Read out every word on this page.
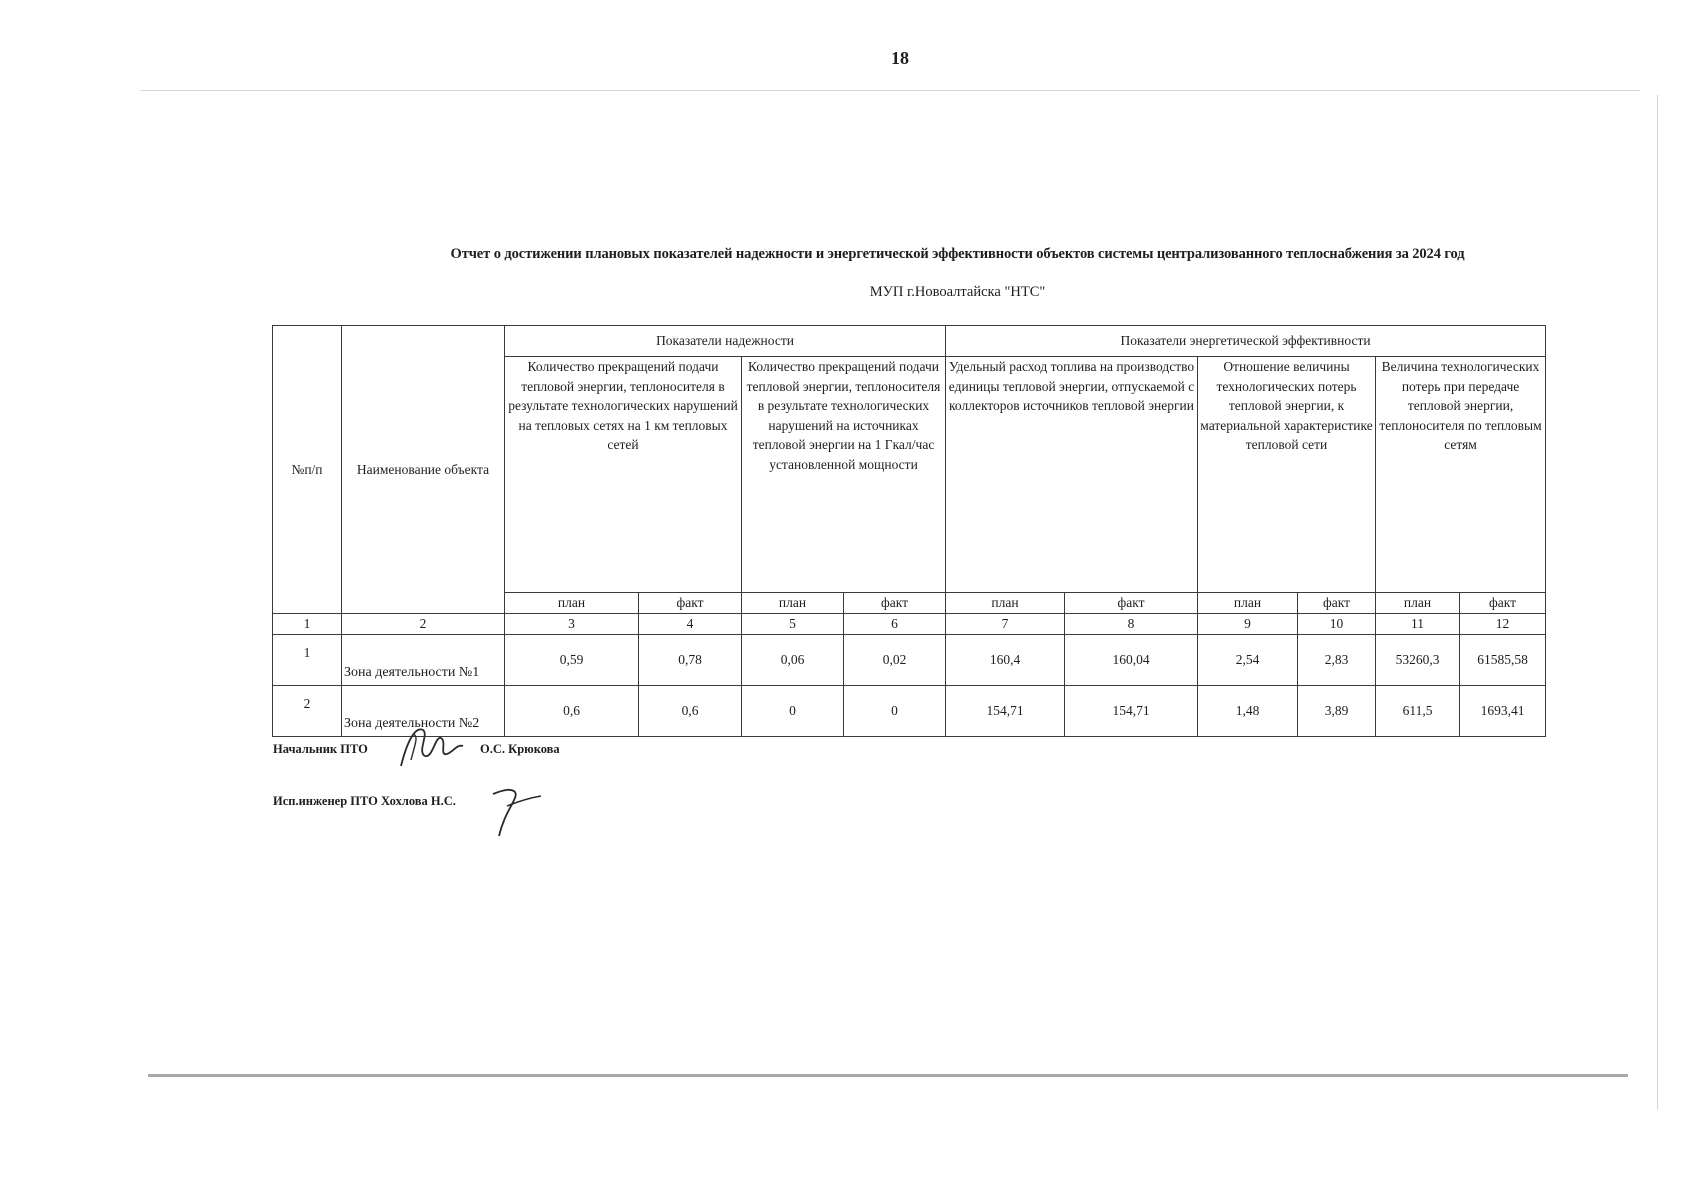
18
Отчет о достижении плановых показателей надежности и энергетической эффективности объектов системы централизованного теплоснабжения за 2024 год
МУП г.Новоалтайска "НТС"
№п/п	Наименование объекта	Показатели надежности				Показатели энергетической эффективности					
		Количество прекращений подачи тепловой энергии, теплоносителя в результате технологических нарушений на тепловых сетях на 1 км тепловых сетей		Количество прекращений подачи тепловой энергии, теплоносителя в результате технологических нарушений на источниках тепловой энергии на 1 Гкал/час установленной мощности		Удельный расход топлива на производство единицы тепловой энергии, отпускаемой с коллекторов источников тепловой энергии		Отношение величины технологических потерь тепловой энергии, к материальной характеристике тепловой сети		Величина технологических потерь при передаче тепловой энергии, теплоносителя по тепловым сетям	
		план	факт	план	факт	план	факт	план	факт	план	факт
1	2	3	4	5	6	7	8	9	10	11	12
1	Зона деятельности №1	0,59	0,78	0,06	0,02	160,4	160,04	2,54	2,83	53260,3	61585,58
2	Зона деятельности №2	0,6	0,6	0	0	154,71	154,71	1,48	3,89	611,5	1693,41
Начальник ПТО	О.С. Крюкова
Иcп.инженер ПТО Хохлова Н.С.
